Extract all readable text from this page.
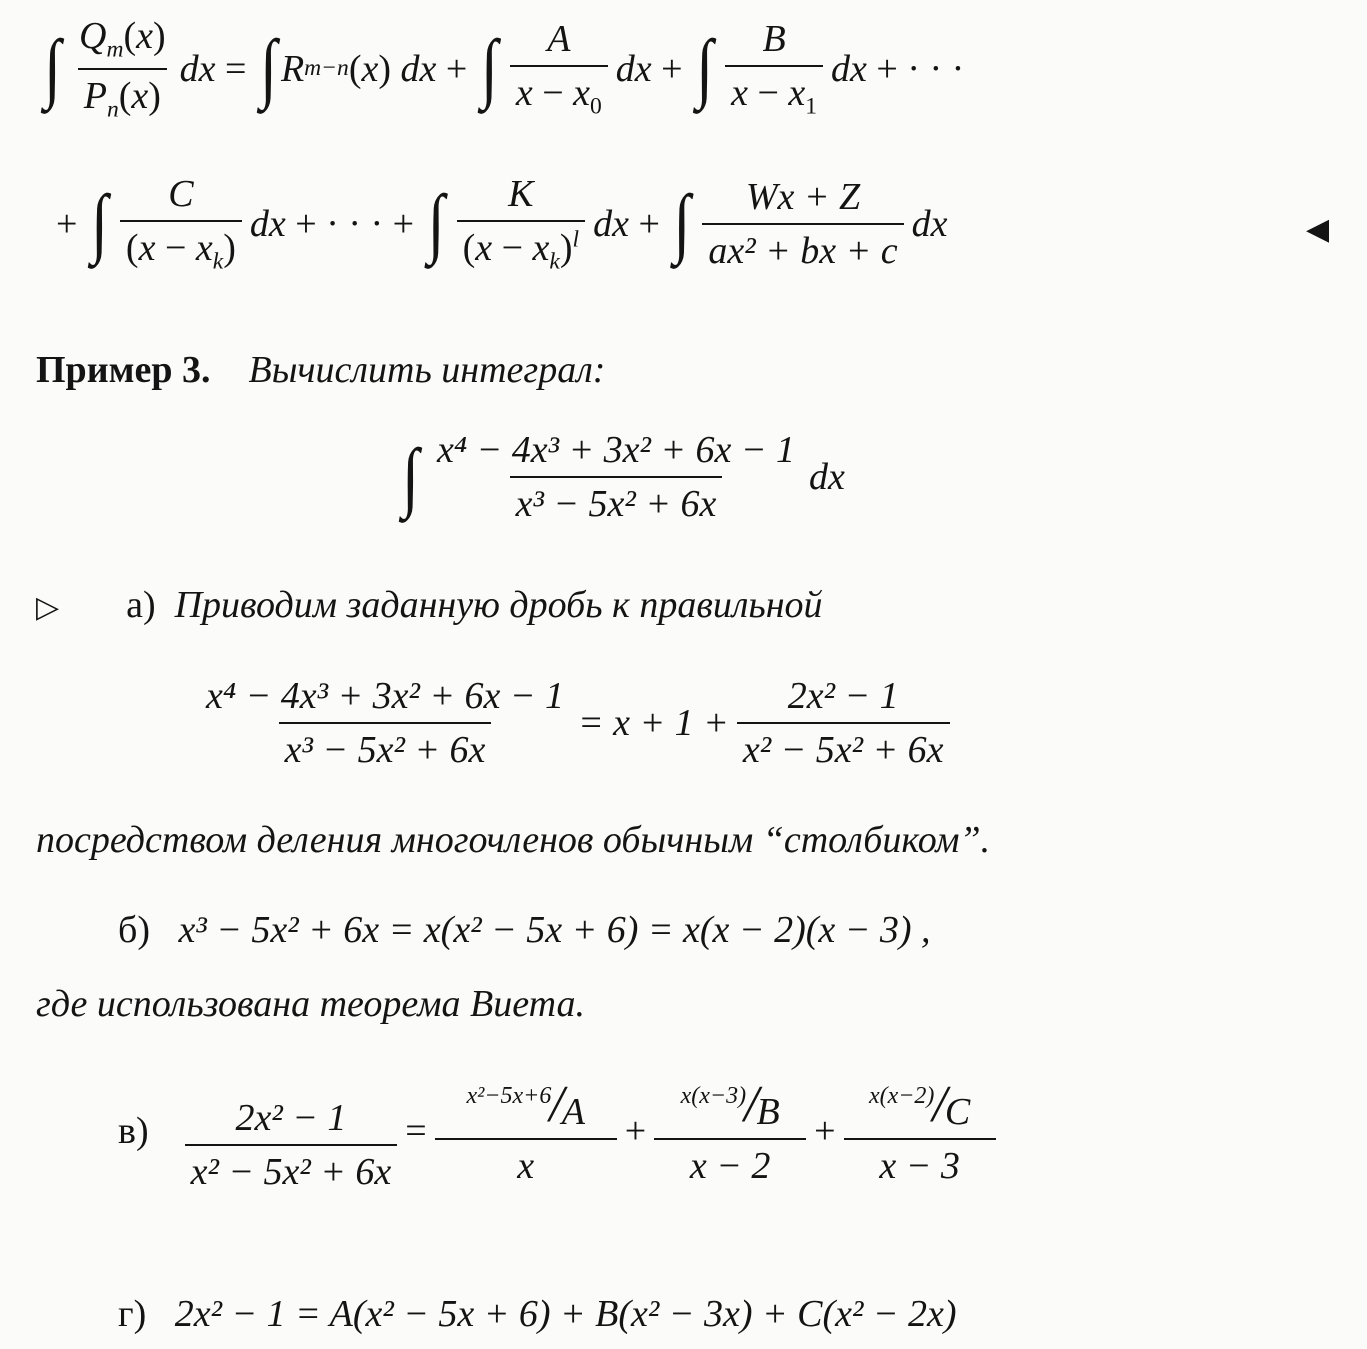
∫ $\frac{Q_m(x)}{P_n(x)}$ dx = ∫ R m−n ( x ) dx + ∫ $\frac{A}{x - x_0}$ dx + ∫ $\frac{B}{x - x_1}$ dx + · · ·
+ ∫ $\frac{C}{(x - x_k)}$ dx + · · · + ∫ $\frac{K}{(x - x_k)^l}$ dx + ∫ $\frac{Wx + Z}{\text{ax² + bx + c}}$ dx	◀
Пример 3. Вычислить интеграл:
∫ $\frac{\text{x⁴ − 4x³ + 3x² + 6x − 1}}{\text{x³ − 5x² + 6x}}$ dx
▷ а) Приводим заданную дробь к правильной
$\frac{\text{x⁴ − 4x³ + 3x² + 6x − 1}}{\text{x³ − 5x² + 6x}} = x + 1 + \frac{\text{2x² − 1}}{\text{x² − 5x² + 6x}}$
посредством деления многочленов обычным “столбиком”.
б) x³ − 5x² + 6x = x(x² − 5x + 6) = x(x − 2)(x − 3) ,
где использована теорема Виета.
$в) \frac{\text{2x² − 1}}{\text{x² − 5x² + 6x}} = x^2-5x+6$
/
A
x + x(x−3)
/
B
x − 2 + x(x−2)
/
C
x − 3
г) 2x² − 1 = A(x² − 5x + 6) + B(x² − 3x) + C(x² − 2x)
